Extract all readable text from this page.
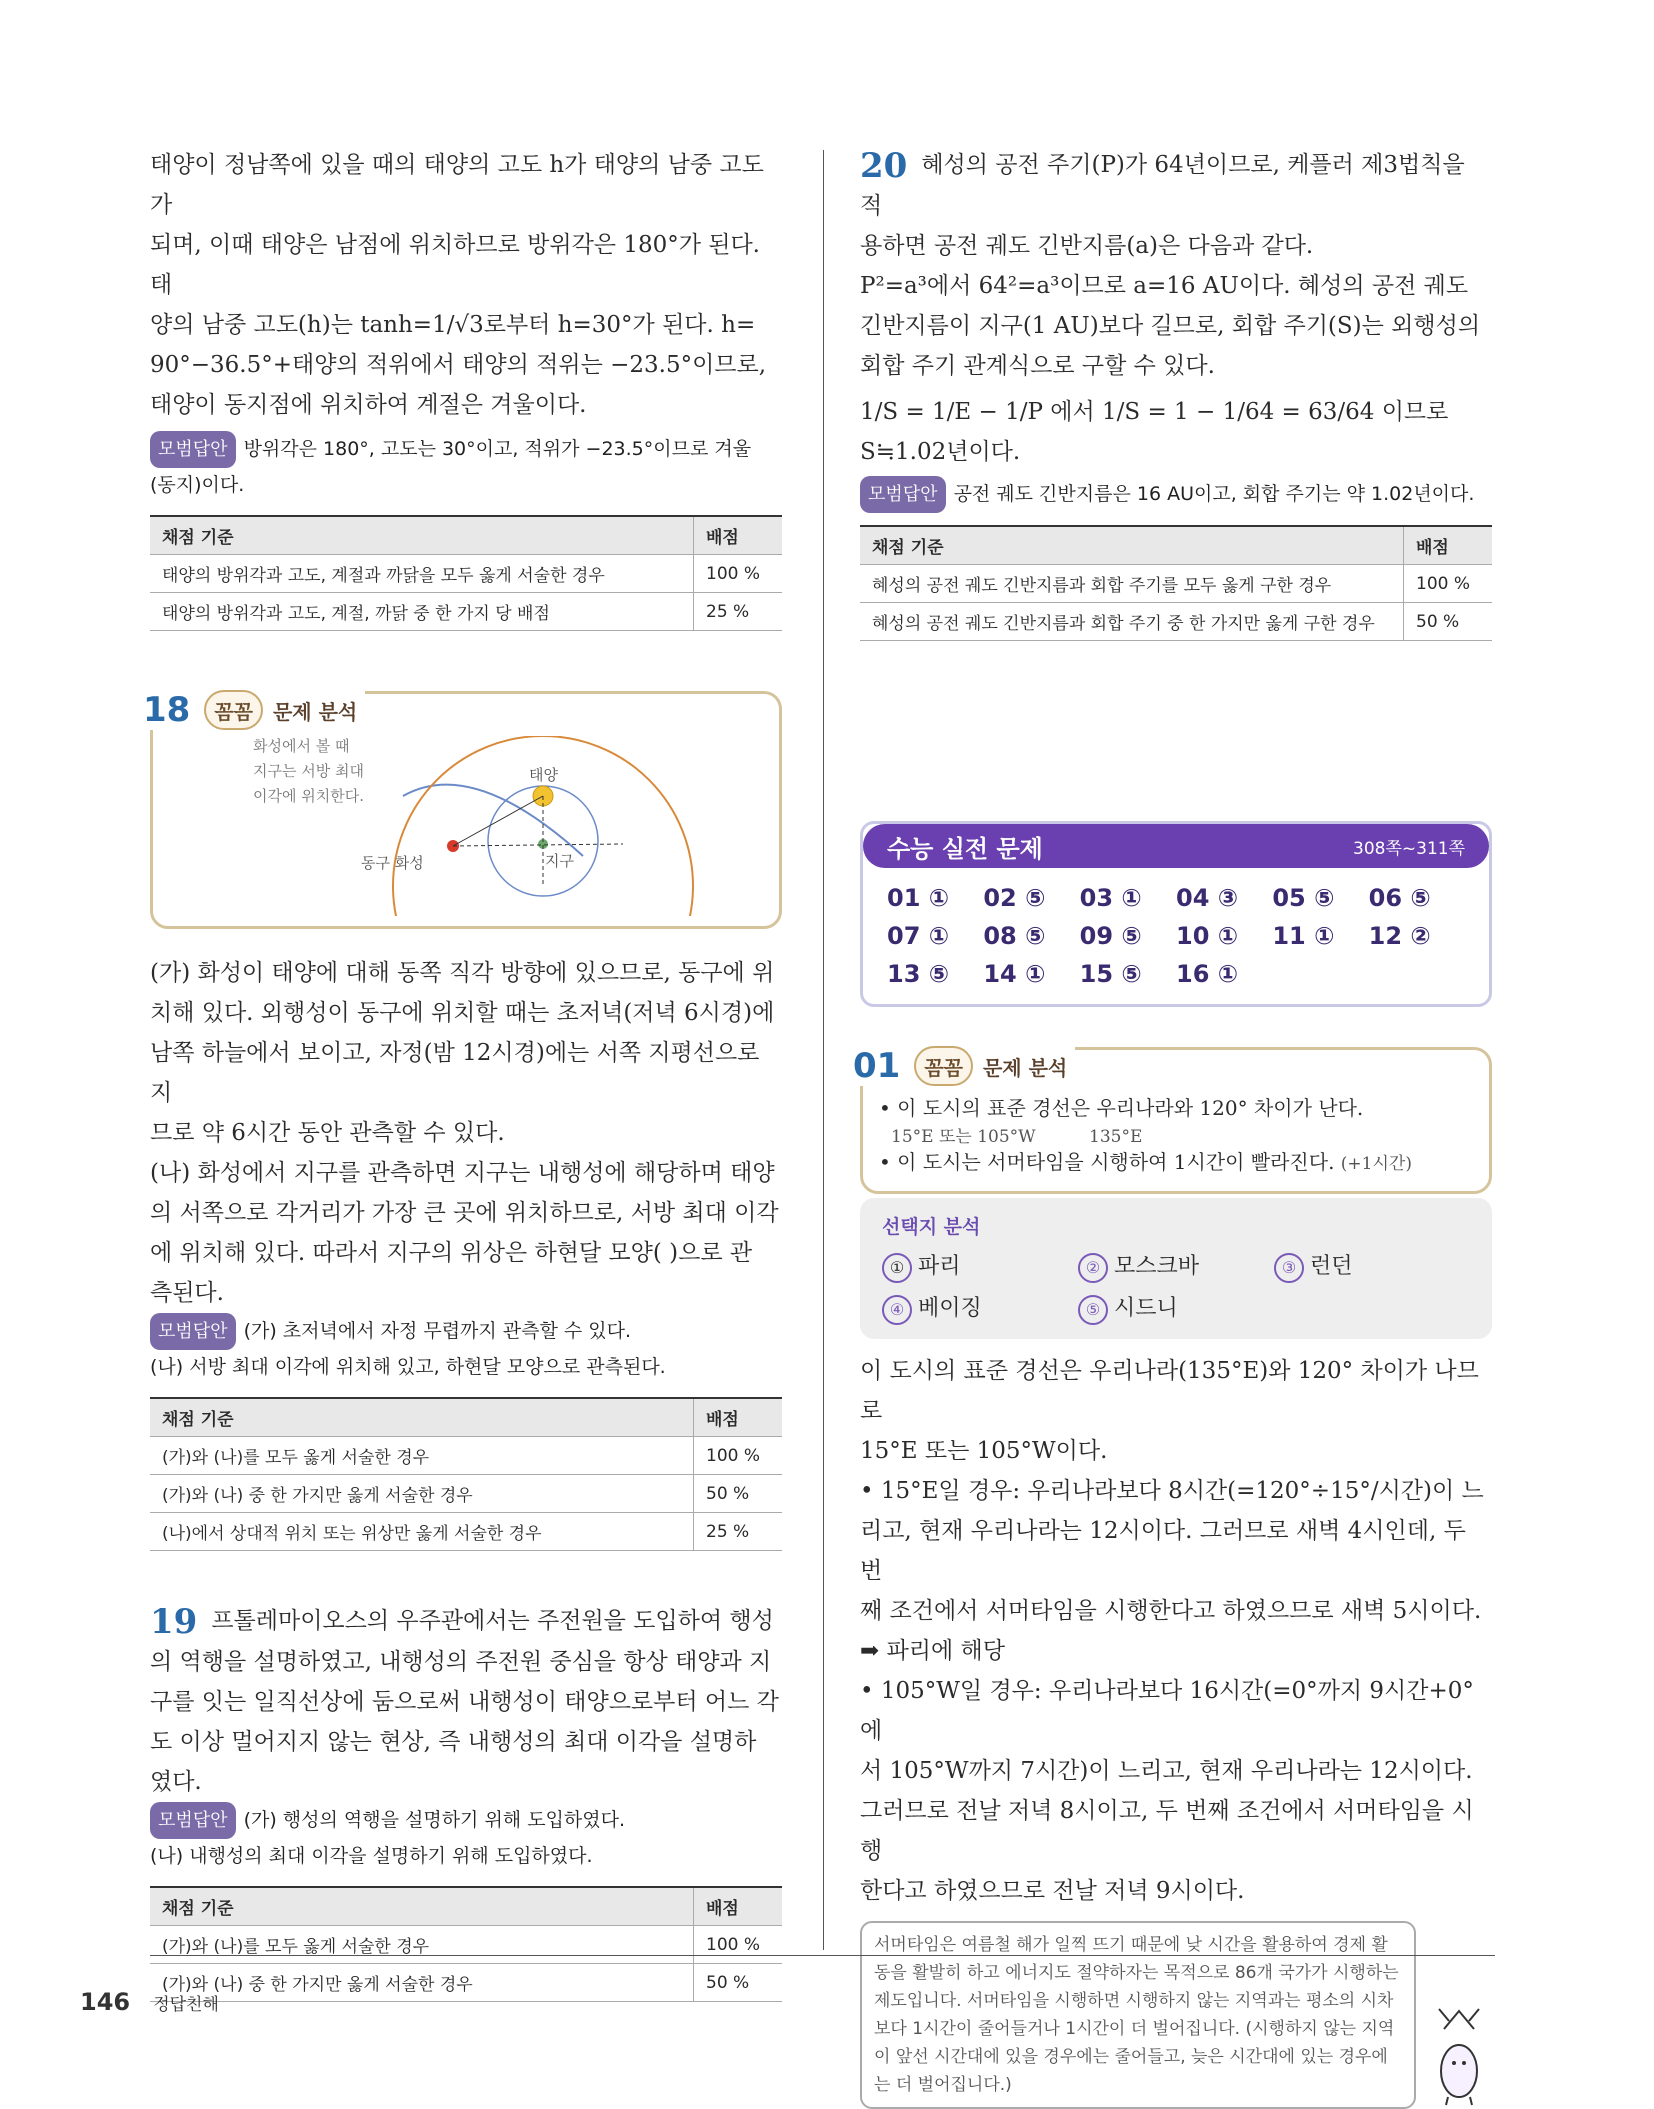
태양이 정남쪽에 있을 때의 태양의 고도 h가 태양의 남중 고도가

되며, 이때 태양은 남점에 위치하므로 방위각은 180°가 된다. 태

양의 남중 고도(h)는 tanh=1/√3로부터 h=30°가 된다. h=

90°−36.5°+태양의 적위에서 태양의 적위는 −23.5°이므로,

태양이 동지점에 위치하여 계절은 겨울이다.

모범답안 방위각은 180°, 고도는 30°이고, 적위가 −23.5°이므로 겨울
(동지)이다.
채점 기준	배점
태양의 방위각과 고도, 계절과 까닭을 모두 옳게 서술한 경우	100 %
태양의 방위각과 고도, 계절, 까닭 중 한 가지 당 배점	25 %
18 꼼꼼 문제 분석
화성에서 볼 때
지구는 서방 최대
이각에 위치한다.
태양
동구 화성	지구

(가) 화성이 태양에 대해 동쪽 직각 방향에 있으므로, 동구에 위

치해 있다. 외행성이 동구에 위치할 때는 초저녁(저녁 6시경)에

남쪽 하늘에서 보이고, 자정(밤 12시경)에는 서쪽 지평선으로 지

므로 약 6시간 동안 관측할 수 있다.

(나) 화성에서 지구를 관측하면 지구는 내행성에 해당하며 태양

의 서쪽으로 각거리가 가장 큰 곳에 위치하므로, 서방 최대 이각

에 위치해 있다. 따라서 지구의 위상은 하현달 모양( )으로 관

측된다.

모범답안 (가) 초저녁에서 자정 무렵까지 관측할 수 있다.
(나) 서방 최대 이각에 위치해 있고, 하현달 모양으로 관측된다.
채점 기준	배점
(가)와 (나)를 모두 옳게 서술한 경우	100 %
(가)와 (나) 중 한 가지만 옳게 서술한 경우	50 %
(나)에서 상대적 위치 또는 위상만 옳게 서술한 경우	25 %

19 프톨레마이오스의 우주관에서는 주전원을 도입하여 행성

의 역행을 설명하였고, 내행성의 주전원 중심을 항상 태양과 지

구를 잇는 일직선상에 둠으로써 내행성이 태양으로부터 어느 각

도 이상 멀어지지 않는 현상, 즉 내행성의 최대 이각을 설명하

였다.

모범답안 (가) 행성의 역행을 설명하기 위해 도입하였다.
(나) 내행성의 최대 이각을 설명하기 위해 도입하였다.
채점 기준	배점
(가)와 (나)를 모두 옳게 서술한 경우	100 %
(가)와 (나) 중 한 가지만 옳게 서술한 경우	50 %

20 혜성의 공전 주기(P)가 64년이므로, 케플러 제3법칙을 적

용하면 공전 궤도 긴반지름(a)은 다음과 같다.

P²=a³에서 64²=a³이므로 a=16 AU이다. 혜성의 공전 궤도

긴반지름이 지구(1 AU)보다 길므로, 회합 주기(S)는 외행성의

회합 주기 관계식으로 구할 수 있다.

1/S = 1/E − 1/P 에서 1/S = 1 − 1/64 = 63/64 이므로 S≒1.02년이다.

모범답안 공전 궤도 긴반지름은 16 AU이고, 회합 주기는 약 1.02년이다.
채점 기준	배점
혜성의 공전 궤도 긴반지름과 회합 주기를 모두 옳게 구한 경우	100 %
혜성의 공전 궤도 긴반지름과 회합 주기 중 한 가지만 옳게 구한 경우	50 %
수능 실전 문제	308쪽~311쪽
01 ①	02 ⑤	03 ①	04 ③	05 ⑤	06 ⑤
07 ①	08 ⑤	09 ⑤	10 ①	11 ①	12 ②
13 ⑤	14 ①	15 ⑤	16 ①
01 꼼꼼 문제 분석
• 이 도시의 표준 경선은 우리나라와 120° 차이가 난다.
15°E 또는 105°W	135°E
• 이 도시는 서머타임을 시행하여 1시간이 빨라진다. (+1시간)
선택지 분석
① 파리	② 모스크바	③ 런던
④ 베이징	⑤ 시드니

이 도시의 표준 경선은 우리나라(135°E)와 120° 차이가 나므로

15°E 또는 105°W이다.

• 15°E일 경우: 우리나라보다 8시간(=120°÷15°/시간)이 느

리고, 현재 우리나라는 12시이다. 그러므로 새벽 4시인데, 두 번

째 조건에서 서머타임을 시행한다고 하였으므로 새벽 5시이다.

➡ 파리에 해당

• 105°W일 경우: 우리나라보다 16시간(=0°까지 9시간+0°에

서 105°W까지 7시간)이 느리고, 현재 우리나라는 12시이다.

그러므로 전날 저녁 8시이고, 두 번째 조건에서 서머타임을 시행

한다고 하였으므로 전날 저녁 9시이다.

서머타임은 여름철 해가 일찍 뜨기 때문에 낮 시간을 활용하여 경제 활동을 활발히 하고 에너지도 절약하자는 목적으로 86개 국가가 시행하는 제도입니다. 서머타임을 시행하면 시행하지 않는 지역과는 평소의 시차보다 1시간이 줄어들거나 1시간이 더 벌어집니다. (시행하지 않는 지역이 앞선 시간대에 있을 경우에는 줄어들고, 늦은 시간대에 있는 경우에는 더 벌어집니다.)
146 정답친해
